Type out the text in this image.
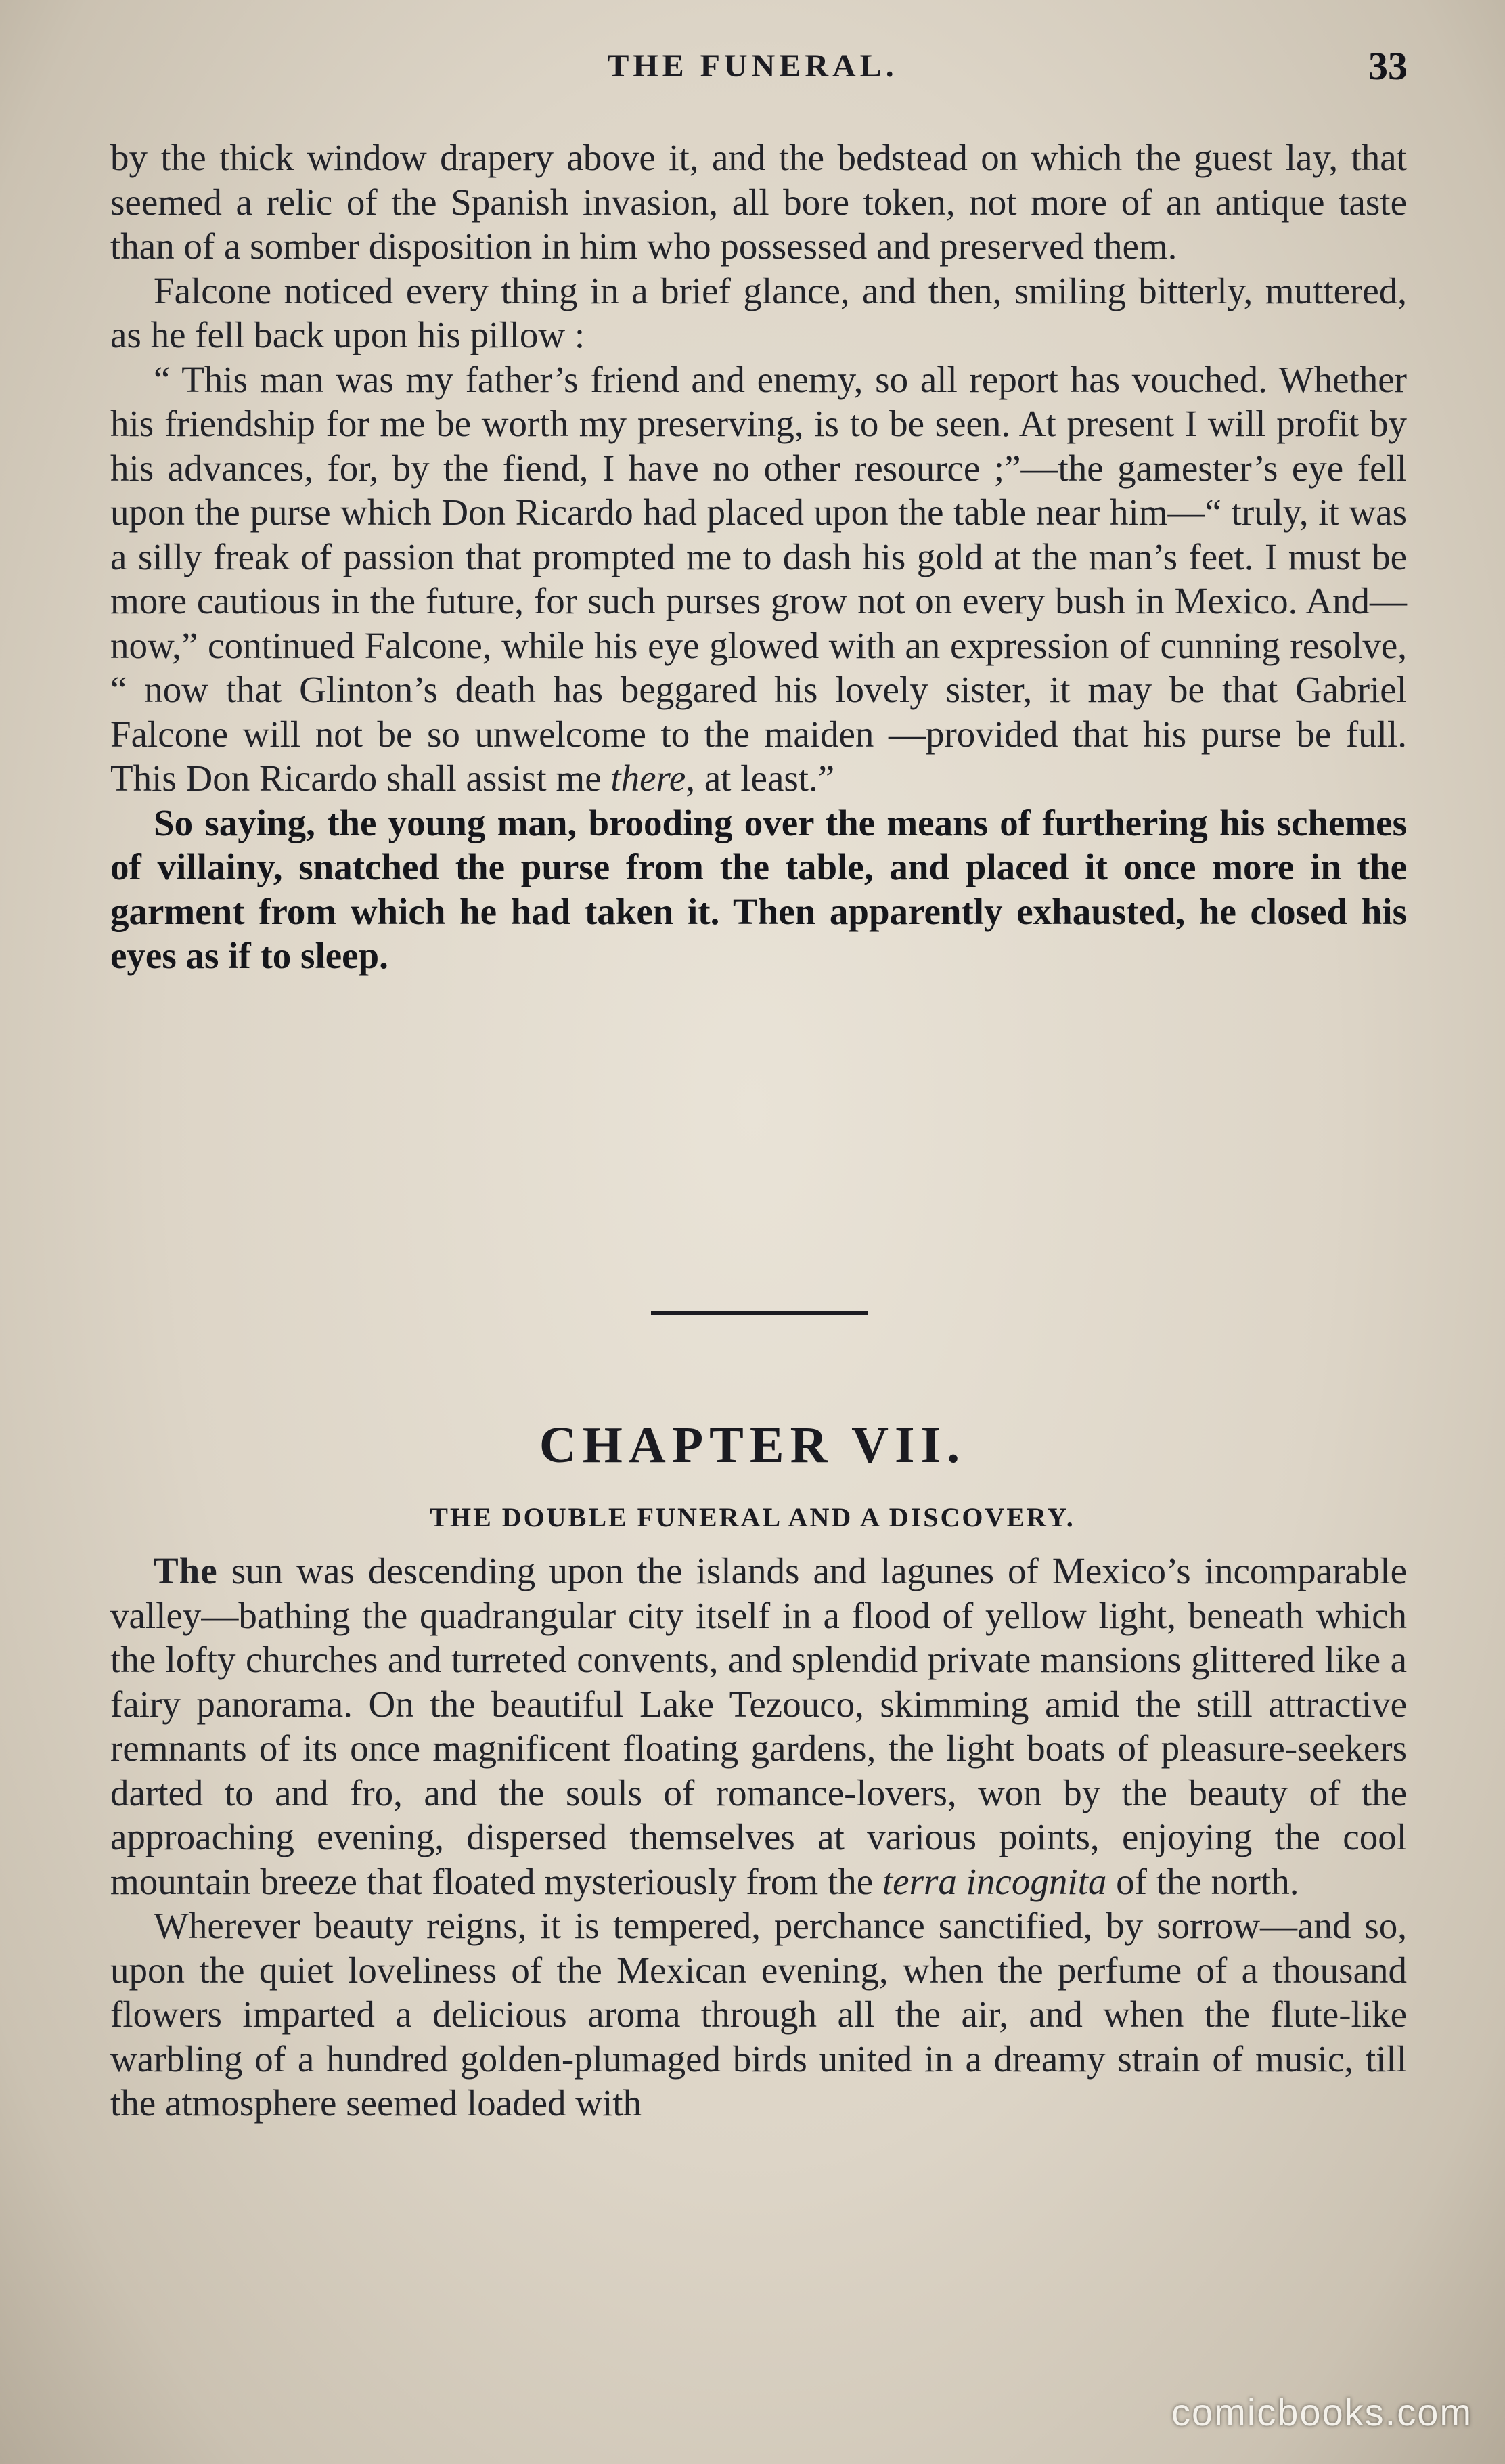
THE FUNERAL.	33

by the thick window drapery above it, and the bedstead on which the guest lay, that seemed a relic of the Spanish invasion, all bore token, not more of an antique taste than of a somber disposition in him who possessed and preserved them.

Falcone noticed every thing in a brief glance, and then, smiling bitterly, muttered, as he fell back upon his pillow :

“ This man was my father’s friend and enemy, so all report has vouched. Whether his friendship for me be worth my preserving, is to be seen. At present I will profit by his advances, for, by the fiend, I have no other resource ;”—the gamester’s eye fell upon the purse which Don Ricardo had placed upon the table near him—“ truly, it was a silly freak of passion that prompted me to dash his gold at the man’s feet. I must be more cautious in the future, for such purses grow not on every bush in Mexico. And—now,” continued Falcone, while his eye glowed with an expression of cunning resolve, “ now that Glinton’s death has beggared his lovely sister, it may be that Gabriel Falcone will not be so unwelcome to the maiden —provided that his purse be full. This Don Ricardo shall assist me there, at least.”

So saying, the young man, brooding over the means of furthering his schemes of villainy, snatched the purse from the table, and placed it once more in the garment from which he had taken it. Then apparently exhausted, he closed his eyes as if to sleep.

CHAPTER VII.
THE DOUBLE FUNERAL AND A DISCOVERY.

The sun was descending upon the islands and lagunes of Mexico’s incomparable valley—bathing the quadrangular city itself in a flood of yellow light, beneath which the lofty churches and turreted convents, and splendid private mansions glittered like a fairy panorama. On the beautiful Lake Tezouco, skimming amid the still attractive remnants of its once magnificent floating gardens, the light boats of pleasure-seekers darted to and fro, and the souls of romance-lovers, won by the beauty of the approaching evening, dispersed themselves at various points, enjoying the cool mountain breeze that floated mysteriously from the terra incognita of the north.

Wherever beauty reigns, it is tempered, perchance sanctified, by sorrow—and so, upon the quiet loveliness of the Mexican evening, when the perfume of a thousand flowers imparted a delicious aroma through all the air, and when the flute-like warbling of a hundred golden-plumaged birds united in a dreamy strain of music, till the atmosphere seemed loaded with

comicbooks.com
